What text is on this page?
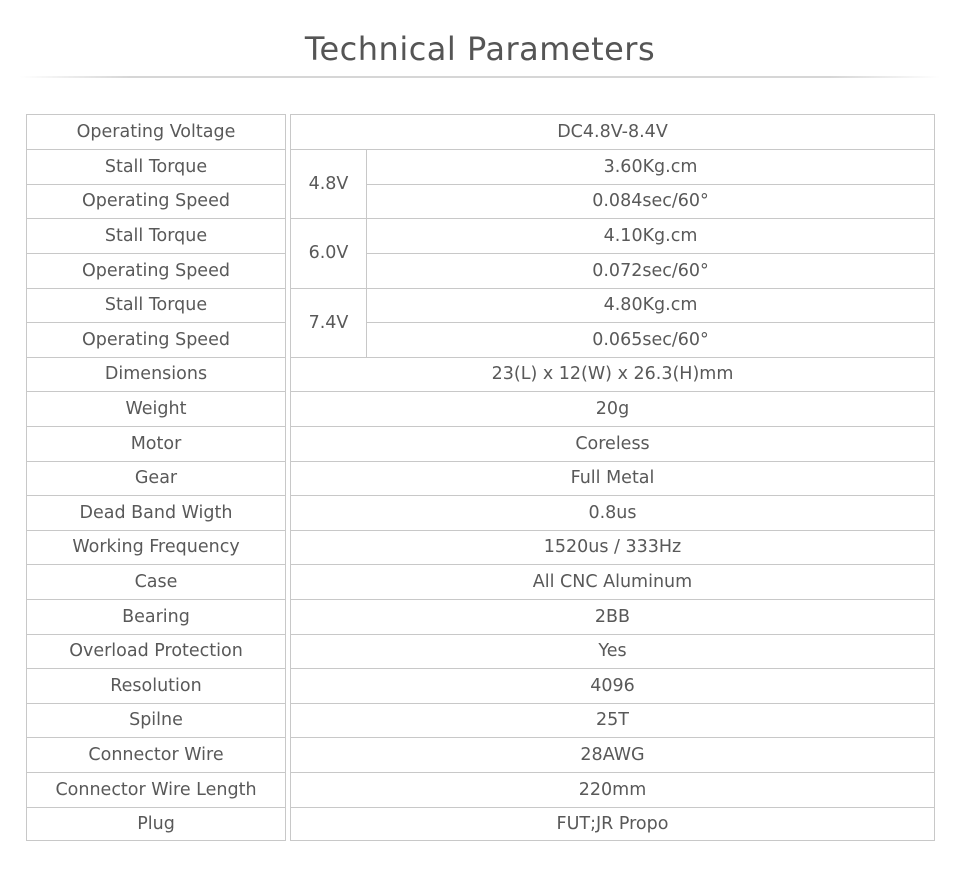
Technical Parameters
Operating Voltage
Stall Torque
Operating Speed
Stall Torque
Operating Speed
Stall Torque
Operating Speed
Dimensions
Weight
Motor
Gear
Dead Band Wigth
Working Frequency
Case
Bearing
Overload Protection
Resolution
Spilne
Connector Wire
Connector Wire Length
Plug
DC4.8V-8.4V
4.8V
3.60Kg.cm
0.084sec/60°
6.0V
4.10Kg.cm
0.072sec/60°
7.4V
4.80Kg.cm
0.065sec/60°
23(L) x 12(W) x 26.3(H)mm
20g
Coreless
Full Metal
0.8us
1520us / 333Hz
All CNC Aluminum
2BB
Yes
4096
25T
28AWG
220mm
FUT;JR Propo
